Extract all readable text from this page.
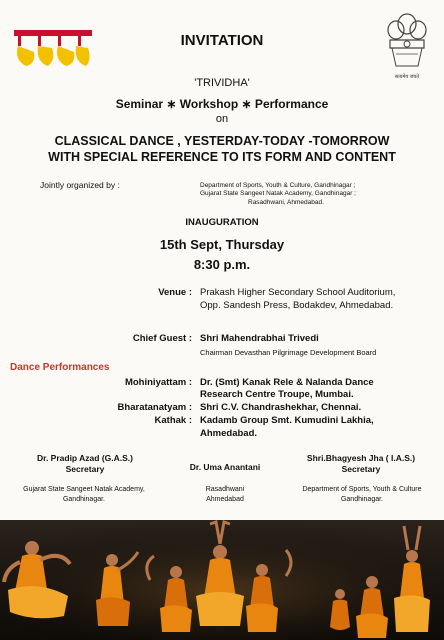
सत्यमेव जयते
INVITATION
'TRIVIDHA'
Seminar ∗ Workshop ∗ Performance
on
CLASSICAL DANCE , YESTERDAY-TODAY -TOMORROW
WITH SPECIAL REFERENCE TO ITS FORM AND CONTENT
Jointly organized by :	Department of Sports, Youth & Culture, Gandhinagar ;
Gujarat State Sangeet Natak Academy, Gandhinagar ;
Rasadhwani, Ahmedabad.
INAUGURATION
15th Sept, Thursday
8:30 p.m.
Venue : Prakash Higher Secondary School Auditorium,
Opp. Sandesh Press, Bodakdev, Ahmedabad.
Chief Guest : Shri Mahendrabhai Trivedi
Chairman Devasthan Pilgrimage Development Board
Dance Performances
Mohiniyattam : Dr. (Smt) Kanak Rele & Nalanda Dance
Research Centre Troupe, Mumbai.
Bharatanatyam : Shri C.V. Chandrashekhar, Chennai.
Kathak : Kadamb Group Smt. Kumudini Lakhia,
Ahmedabad.
Dr. Pradip Azad (G.A.S.)
Secretary
Gujarat State Sangeet Natak Academy,
Gandhinagar.
Dr. Uma Anantani
Rasadhwani
Ahmedabad
Shri.Bhagyesh Jha ( I.A.S.)
Secretary
Department of Sports, Youth & Culture
Gandhinagar.
